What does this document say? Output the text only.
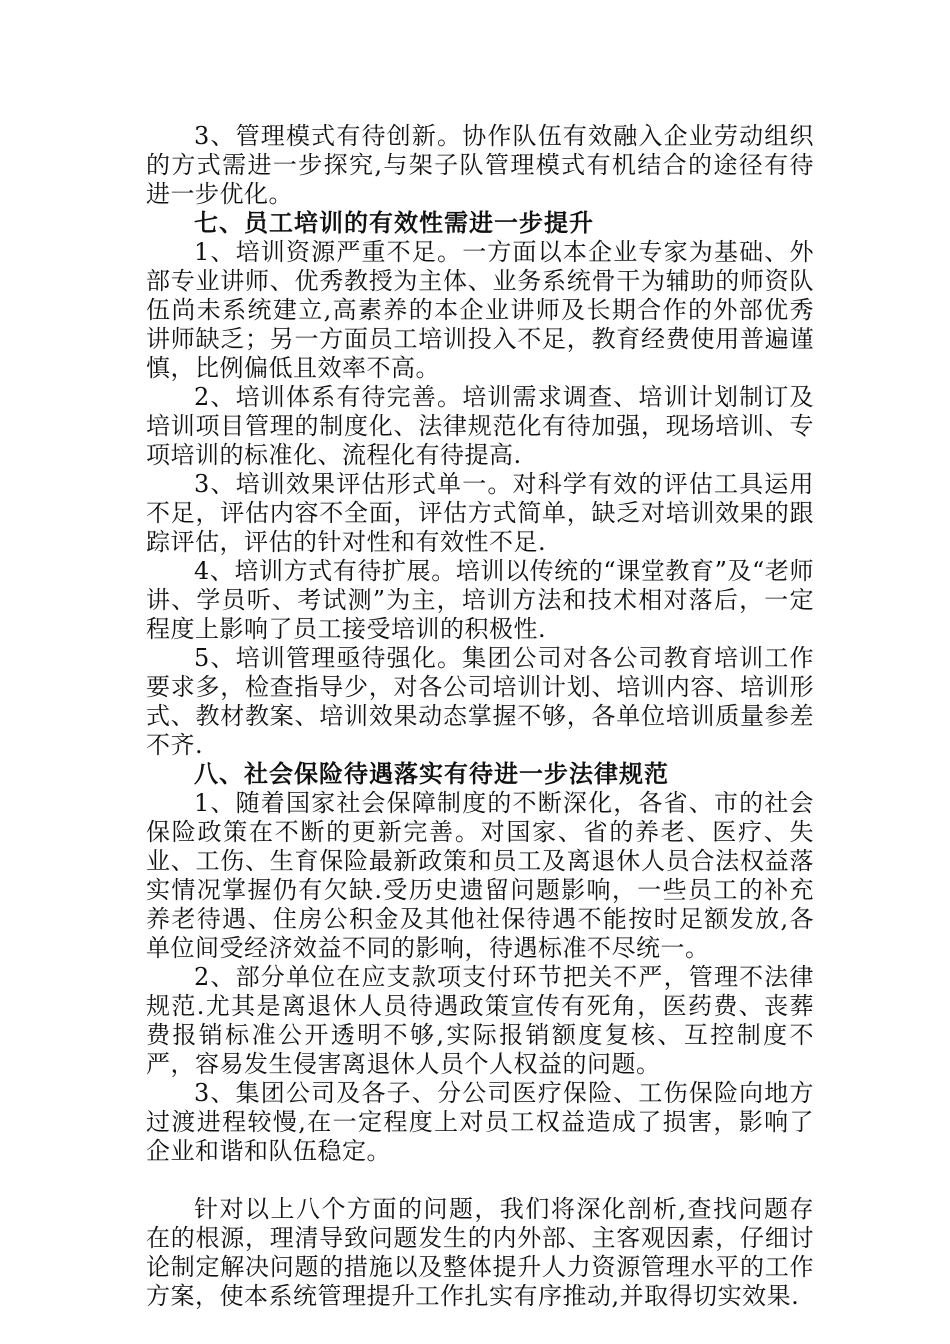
3、管理模式有待创新。协作队伍有效融入企业劳动组织的方式需进一步探究,与架子队管理模式有机结合的途径有待进一步优化。

七、员工培训的有效性需进一步提升

1、培训资源严重不足。一方面以本企业专家为基础、外部专业讲师、优秀教授为主体、业务系统骨干为辅助的师资队伍尚未系统建立,高素养的本企业讲师及长期合作的外部优秀讲师缺乏；另一方面员工培训投入不足，教育经费使用普遍谨慎，比例偏低且效率不高。

2、培训体系有待完善。培训需求调查、培训计划制订及培训项目管理的制度化、法律规范化有待加强，现场培训、专项培训的标准化、流程化有待提高.

3、培训效果评估形式单一。对科学有效的评估工具运用不足，评估内容不全面，评估方式简单，缺乏对培训效果的跟踪评估，评估的针对性和有效性不足.

4、培训方式有待扩展。培训以传统的“课堂教育”及“老师讲、学员听、考试测”为主，培训方法和技术相对落后，一定程度上影响了员工接受培训的积极性.

5、培训管理亟待强化。集团公司对各公司教育培训工作要求多，检查指导少，对各公司培训计划、培训内容、培训形式、教材教案、培训效果动态掌握不够，各单位培训质量参差不齐.

八、社会保险待遇落实有待进一步法律规范

1、随着国家社会保障制度的不断深化，各省、市的社会保险政策在不断的更新完善。对国家、省的养老、医疗、失业、工伤、生育保险最新政策和员工及离退休人员合法权益落实情况掌握仍有欠缺.受历史遗留问题影响，一些员工的补充养老待遇、住房公积金及其他社保待遇不能按时足额发放,各单位间受经济效益不同的影响，待遇标准不尽统一。

2、部分单位在应支款项支付环节把关不严，管理不法律规范.尤其是离退休人员待遇政策宣传有死角，医药费、丧葬费报销标准公开透明不够,实际报销额度复核、互控制度不严，容易发生侵害离退休人员个人权益的问题。

3、集团公司及各子、分公司医疗保险、工伤保险向地方过渡进程较慢,在一定程度上对员工权益造成了损害，影响了企业和谐和队伍稳定。

针对以上八个方面的问题，我们将深化剖析,查找问题存在的根源，理清导致问题发生的内外部、主客观因素，仔细讨论制定解决问题的措施以及整体提升人力资源管理水平的工作方案，使本系统管理提升工作扎实有序推动,并取得切实效果.
